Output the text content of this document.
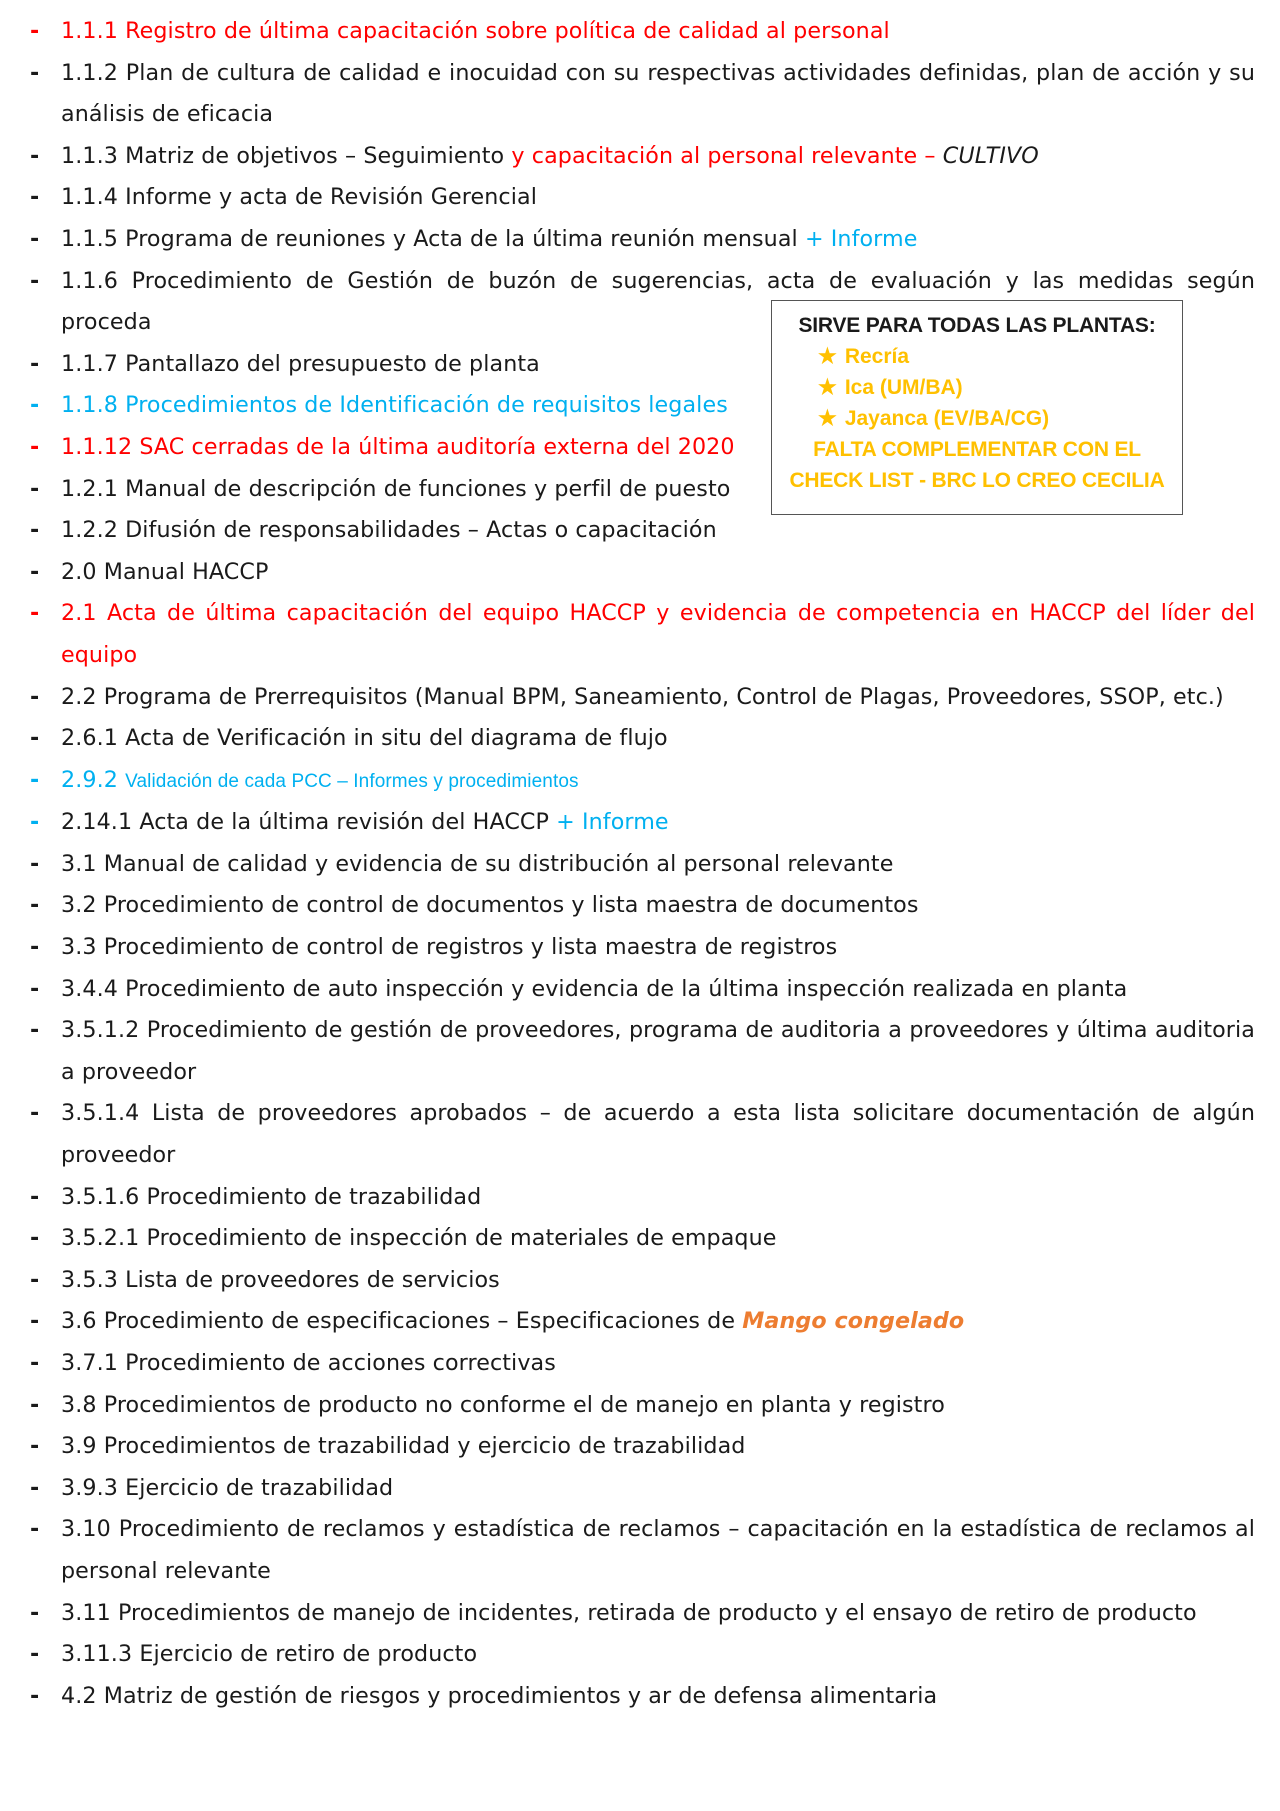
- 1.1.1 Registro de última capacitación sobre política de calidad al personal
- 1.1.2 Plan de cultura de calidad e inocuidad con su respectivas actividades definidas, plan de acción y su análisis de eficacia
- 1.1.3 Matriz de objetivos – Seguimiento y capacitación al personal relevante – CULTIVO
- 1.1.4 Informe y acta de Revisión Gerencial
- 1.1.5 Programa de reuniones y Acta de la última reunión mensual + Informe
- 1.1.6 Procedimiento de Gestión de buzón de sugerencias, acta de evaluación y las medidas según proceda
- 1.1.7 Pantallazo del presupuesto de planta
- 1.1.8 Procedimientos de Identificación de requisitos legales
- 1.1.12 SAC cerradas de la última auditoría externa del 2020
- 1.2.1 Manual de descripción de funciones y perfil de puesto
- 1.2.2 Difusión de responsabilidades – Actas o capacitación
- 2.0 Manual HACCP
- 2.1 Acta de última capacitación del equipo HACCP y evidencia de competencia en HACCP del líder del equipo
- 2.2 Programa de Prerrequisitos (Manual BPM, Saneamiento, Control de Plagas, Proveedores, SSOP, etc.)
- 2.6.1 Acta de Verificación in situ del diagrama de flujo
- 2.9.2 Validación de cada PCC – Informes y procedimientos
- 2.14.1 Acta de la última revisión del HACCP + Informe
- 3.1 Manual de calidad y evidencia de su distribución al personal relevante
- 3.2 Procedimiento de control de documentos y lista maestra de documentos
- 3.3 Procedimiento de control de registros y lista maestra de registros
- 3.4.4 Procedimiento de auto inspección y evidencia de la última inspección realizada en planta
- 3.5.1.2 Procedimiento de gestión de proveedores, programa de auditoria a proveedores y última auditoria a proveedor
- 3.5.1.4 Lista de proveedores aprobados – de acuerdo a esta lista solicitare documentación de algún proveedor
- 3.5.1.6 Procedimiento de trazabilidad
- 3.5.2.1 Procedimiento de inspección de materiales de empaque
- 3.5.3 Lista de proveedores de servicios
- 3.6 Procedimiento de especificaciones – Especificaciones de Mango congelado
- 3.7.1 Procedimiento de acciones correctivas
- 3.8 Procedimientos de producto no conforme el de manejo en planta y registro
- 3.9 Procedimientos de trazabilidad y ejercicio de trazabilidad
- 3.9.3 Ejercicio de trazabilidad
- 3.10 Procedimiento de reclamos y estadística de reclamos – capacitación en la estadística de reclamos al personal relevante
- 3.11 Procedimientos de manejo de incidentes, retirada de producto y el ensayo de retiro de producto
- 3.11.3 Ejercicio de retiro de producto
- 4.2 Matriz de gestión de riesgos y procedimientos y ar de defensa alimentaria
SIRVE PARA TODAS LAS PLANTAS:
★ Recría
★ Ica (UM/BA)
★ Jayanca (EV/BA/CG)
FALTA COMPLEMENTAR CON EL
CHECK LIST - BRC LO CREO CECILIA
